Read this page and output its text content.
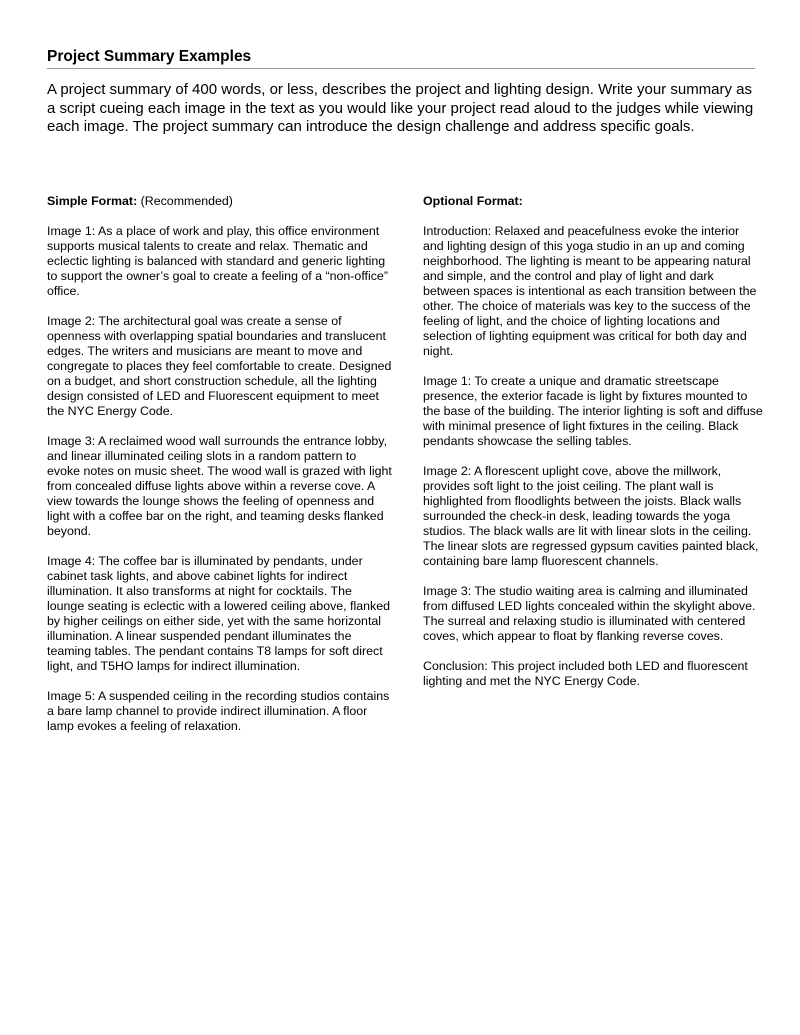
Project Summary Examples

A project summary of 400 words, or less, describes the project and lighting design. Write your summary as a script cueing each image in the text as you would like your project read aloud to the judges while viewing each image. The project summary can introduce the design challenge and address specific goals.

Simple Format: (Recommended)

Image 1: As a place of work and play, this office environment supports musical talents to create and relax. Thematic and eclectic lighting is balanced with standard and generic lighting to support the owner’s goal to create a feeling of a “non-office” office.

Image 2: The architectural goal was create a sense of openness with overlapping spatial boundaries and translucent edges. The writers and musicians are meant to move and congregate to places they feel comfortable to create. Designed on a budget, and short construction schedule, all the lighting design consisted of LED and Fluorescent equipment to meet the NYC Energy Code.

Image 3: A reclaimed wood wall surrounds the entrance lobby, and linear illuminated ceiling slots in a random pattern to evoke notes on music sheet. The wood wall is grazed with light from concealed diffuse lights above within a reverse cove. A view towards the lounge shows the feeling of openness and light with a coffee bar on the right, and teaming desks flanked beyond.

Image 4: The coffee bar is illuminated by pendants, under cabinet task lights, and above cabinet lights for indirect illumination. It also transforms at night for cocktails. The lounge seating is eclectic with a lowered ceiling above, flanked by higher ceilings on either side, yet with the same horizontal illumination. A linear suspended pendant illuminates the teaming tables. The pendant contains T8 lamps for soft direct light, and T5HO lamps for indirect illumination.

Image 5: A suspended ceiling in the recording studios contains a bare lamp channel to provide indirect illumination. A floor lamp evokes a feeling of relaxation.

Optional Format:

Introduction: Relaxed and peacefulness evoke the interior and lighting design of this yoga studio in an up and coming neighborhood. The lighting is meant to be appearing natural and simple, and the control and play of light and dark between spaces is intentional as each transition between the other. The choice of materials was key to the success of the feeling of light, and the choice of lighting locations and selection of lighting equipment was critical for both day and night.

Image 1: To create a unique and dramatic streetscape presence, the exterior facade is light by fixtures mounted to the base of the building. The interior lighting is soft and diffuse with minimal presence of light fixtures in the ceiling. Black pendants showcase the selling tables.

Image 2: A florescent uplight cove, above the millwork, provides soft light to the joist ceiling. The plant wall is highlighted from floodlights between the joists. Black walls surrounded the check-in desk, leading towards the yoga studios. The black walls are lit with linear slots in the ceiling. The linear slots are regressed gypsum cavities painted black, containing bare lamp fluorescent channels.

Image 3: The studio waiting area is calming and illuminated from diffused LED lights concealed within the skylight above. The surreal and relaxing studio is illuminated with centered coves, which appear to float by flanking reverse coves.

Conclusion: This project included both LED and fluorescent lighting and met the NYC Energy Code.
